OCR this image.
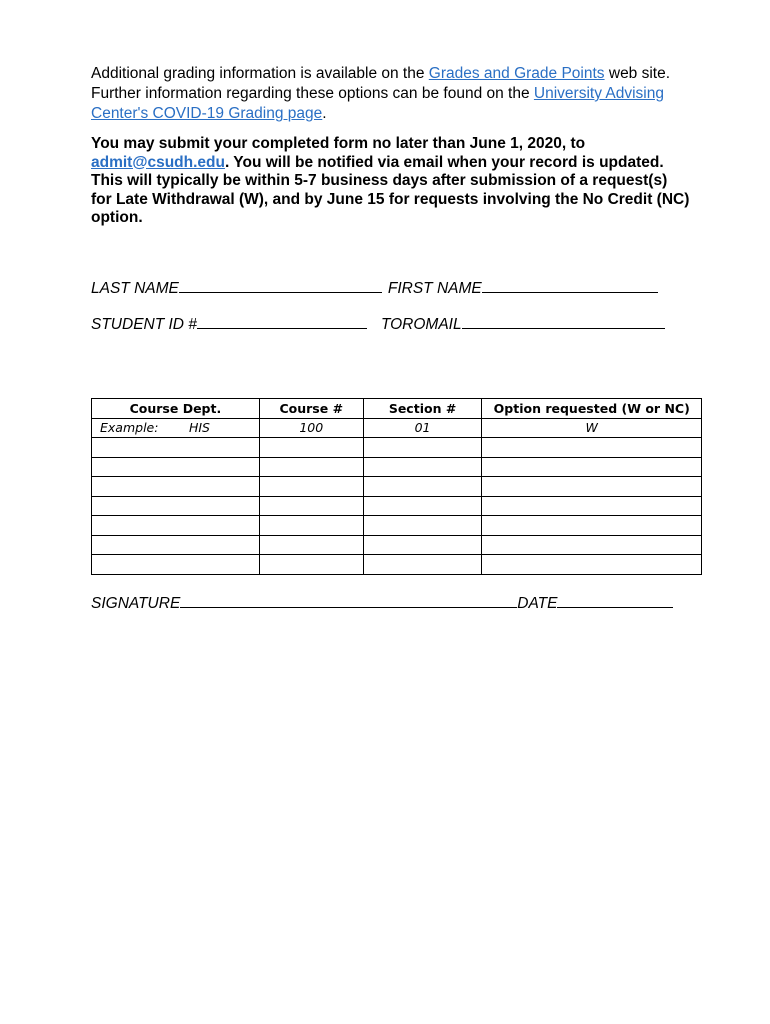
Additional grading information is available on the Grades and Grade Points web site.
Further information regarding these options can be found on the University Advising Center's COVID-19 Grading page.
You may submit your completed form no later than June 1, 2020, to admit@csudh.edu. You will be notified via email when your record is updated. This will typically be within 5-7 business days after submission of a request(s) for Late Withdrawal (W), and by June 15 for requests involving the No Credit (NC) option.
LAST NAME	FIRST NAME
STUDENT ID #	TOROMAIL
Course Dept.	Course #	Section #	Option requested (W or NC)

Example: HIS	100	01	W

SIGNATURE	DATE
